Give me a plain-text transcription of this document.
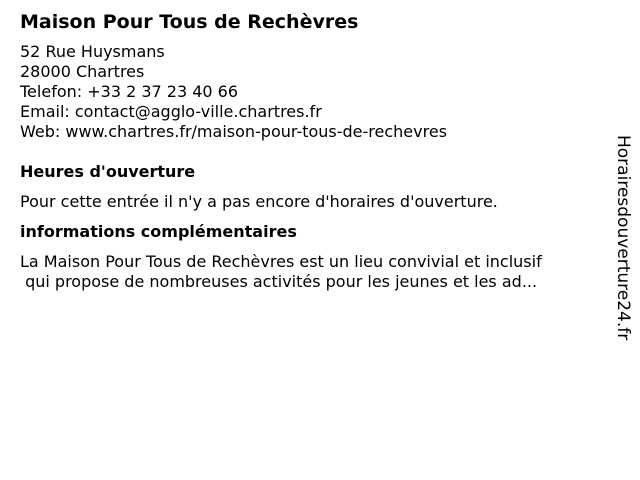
Maison Pour Tous de Rechèvres
52 Rue Huysmans
28000 Chartres
Telefon: +33 2 37 23 40 66
Email: contact@agglo-ville.chartres.fr
Web: www.chartres.fr/maison-pour-tous-de-rechevres
Heures d'ouverture
Pour cette entrée il n'y a pas encore d'horaires d'ouverture.
informations complémentaires
La Maison Pour Tous de Rechèvres est un lieu convivial et inclusif
qui propose de nombreuses activités pour les jeunes et les ad...	Horairesdouverture24.fr
